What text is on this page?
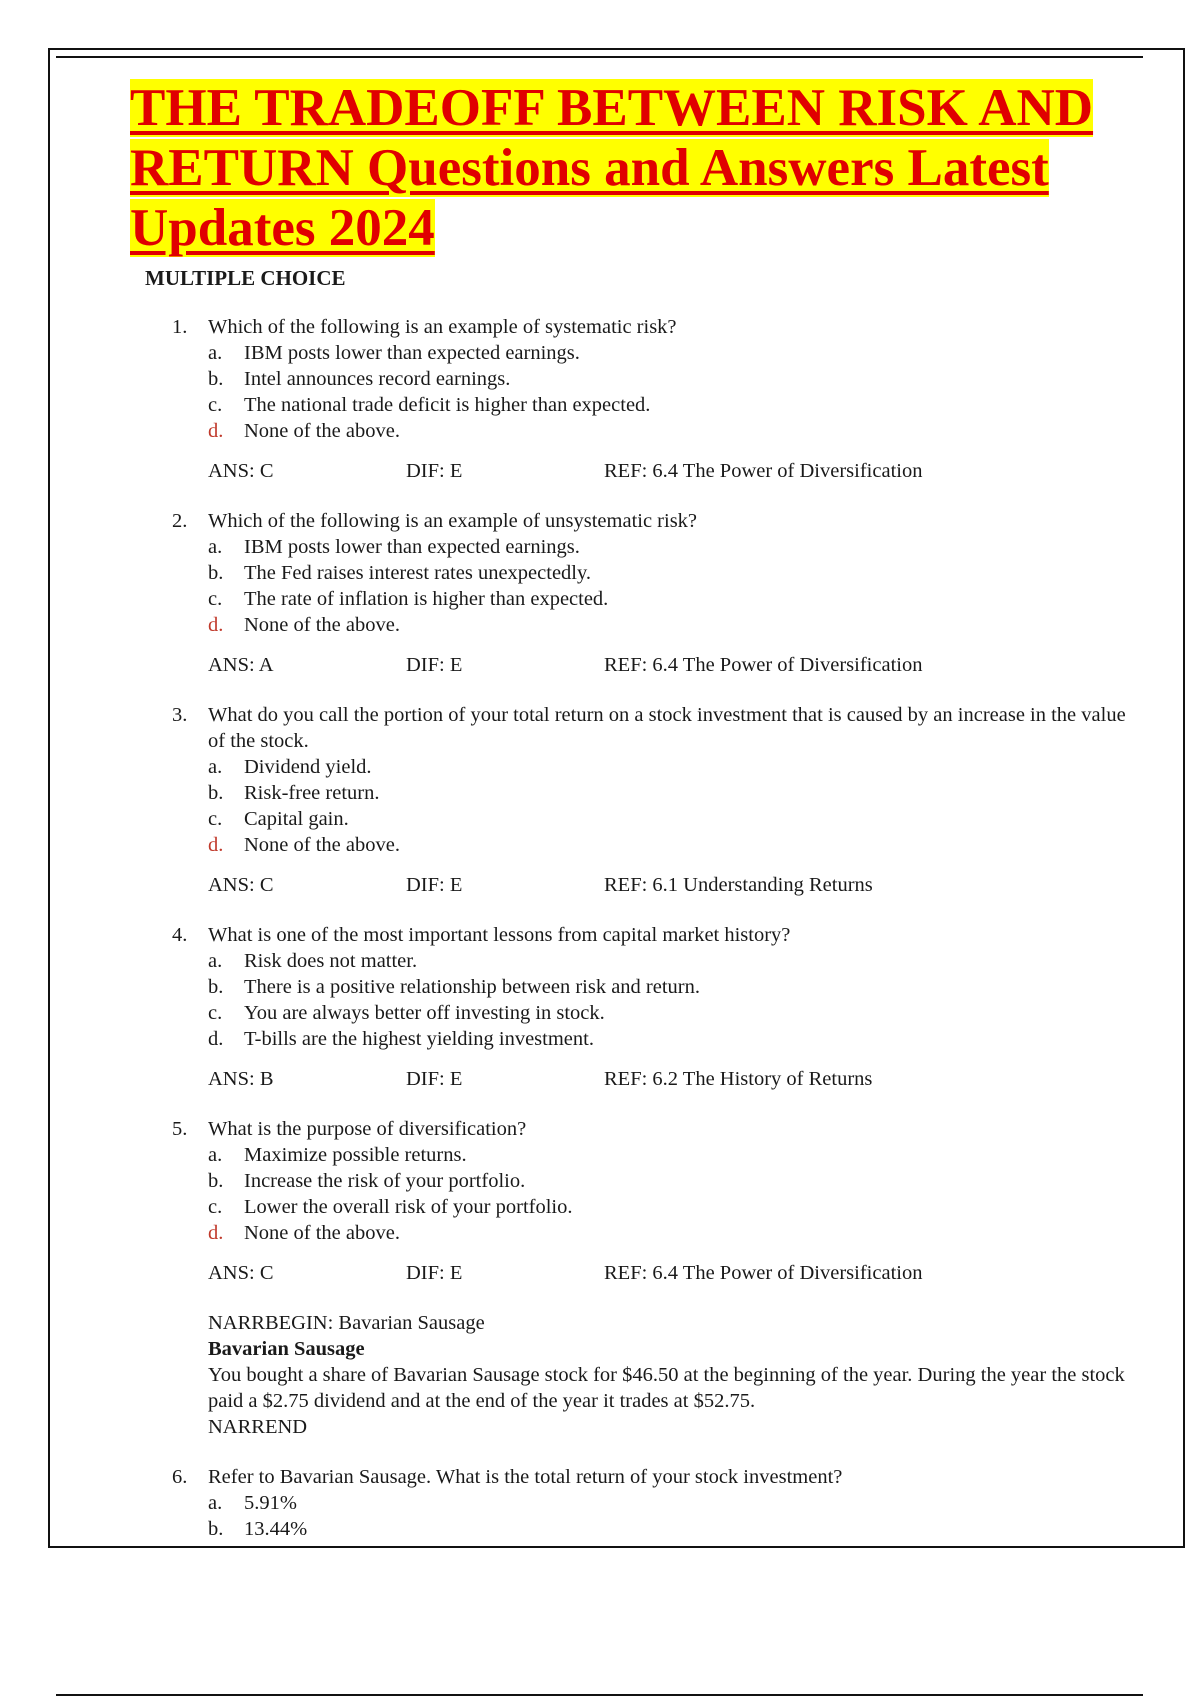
THE TRADEOFF BETWEEN RISK AND RETURN Questions and Answers Latest Updates 2024
MULTIPLE CHOICE
1.	Which of the following is an example of systematic risk?
a.	IBM posts lower than expected earnings.
b.	Intel announces record earnings.
c.	The national trade deficit is higher than expected.
d.	None of the above.
ANS: C	DIF: E	REF: 6.4 The Power of Diversification
2.	Which of the following is an example of unsystematic risk?
a.	IBM posts lower than expected earnings.
b.	The Fed raises interest rates unexpectedly.
c.	The rate of inflation is higher than expected.
d.	None of the above.
ANS: A	DIF: E	REF: 6.4 The Power of Diversification
3.	What do you call the portion of your total return on a stock investment that is caused by an increase in the value of the stock.
a.	Dividend yield.
b.	Risk-free return.
c.	Capital gain.
d.	None of the above.
ANS: C	DIF: E	REF: 6.1 Understanding Returns
4.	What is one of the most important lessons from capital market history?
a.	Risk does not matter.
b.	There is a positive relationship between risk and return.
c.	You are always better off investing in stock.
d.	T-bills are the highest yielding investment.
ANS: B	DIF: E	REF: 6.2 The History of Returns
5.	What is the purpose of diversification?
a.	Maximize possible returns.
b.	Increase the risk of your portfolio.
c.	Lower the overall risk of your portfolio.
d.	None of the above.
ANS: C	DIF: E	REF: 6.4 The Power of Diversification
NARRBEGIN: Bavarian Sausage
Bavarian Sausage
You bought a share of Bavarian Sausage stock for $46.50 at the beginning of the year. During the year the stock paid a $2.75 dividend and at the end of the year it trades at $52.75.
NARREND
6.	Refer to Bavarian Sausage. What is the total return of your stock investment?
a.	5.91%
b.	13.44%
